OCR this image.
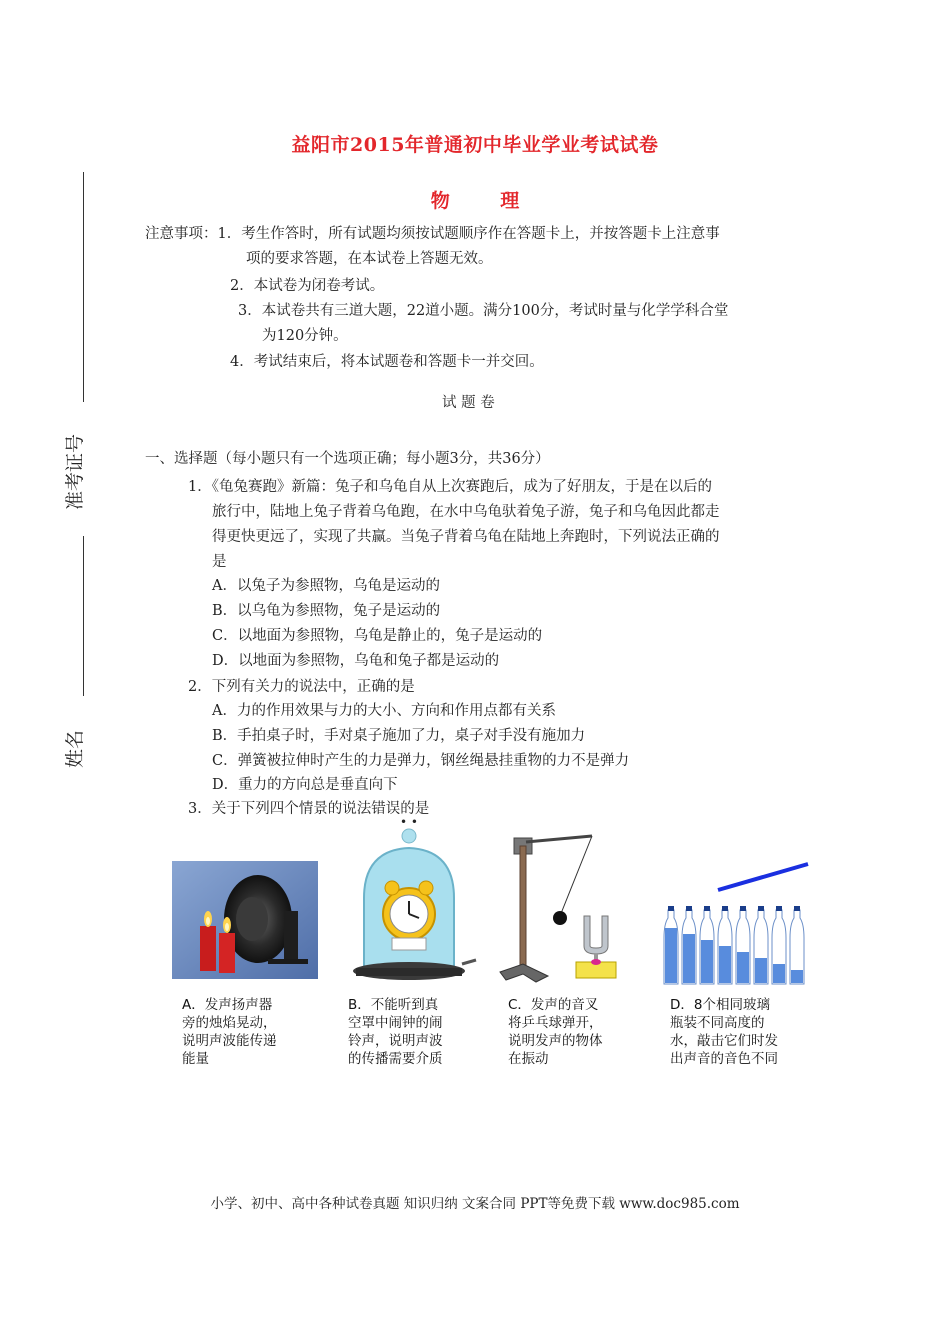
益阳市2015年普通初中毕业学业考试试卷
物 理
准考证号
姓名
注意事项：1．考生作答时，所有试题均须按试题顺序作在答题卡上，并按答题卡上注意事
项的要求答题，在本试卷上答题无效。
2．本试卷为闭卷考试。
3．本试卷共有三道大题，22道小题。满分100分，考试时量与化学学科合堂
为120分钟。
4．考试结束后，将本试题卷和答题卡一并交回。
试 题 卷
一、选择题（每小题只有一个选项正确；每小题3分，共36分）
1．《龟兔赛跑》新篇：兔子和乌龟自从上次赛跑后，成为了好朋友，于是在以后的
旅行中，陆地上兔子背着乌龟跑，在水中乌龟驮着兔子游，兔子和乌龟因此都走
得更快更远了，实现了共赢。当兔子背着乌龟在陆地上奔跑时，下列说法正确的
是
A．以兔子为参照物，乌龟是运动的
B．以乌龟为参照物，兔子是运动的
C．以地面为参照物，乌龟是静止的，兔子是运动的
D．以地面为参照物，乌龟和兔子都是运动的
2．下列有关力的说法中，正确的是
A．力的作用效果与力的大小、方向和作用点都有关系
B．手拍桌子时，手对桌子施加了力，桌子对手没有施加力
C．弹簧被拉伸时产生的力是弹力，钢丝绳悬挂重物的力不是弹力
D．重力的方向总是垂直向下
3．关于下列四个情景的说法错误的是
• •
A．发声扬声器
旁的烛焰晃动，
说明声波能传递
能量
B．不能听到真
空罩中闹钟的闹
铃声，说明声波
的传播需要介质
C．发声的音叉
将乒乓球弹开，
说明发声的物体
在振动
D．8个相同玻璃
瓶装不同高度的
水，敲击它们时发
出声音的音色不同
小学、初中、高中各种试卷真题 知识归纳 文案合同 PPT等免费下载 www.doc985.com
